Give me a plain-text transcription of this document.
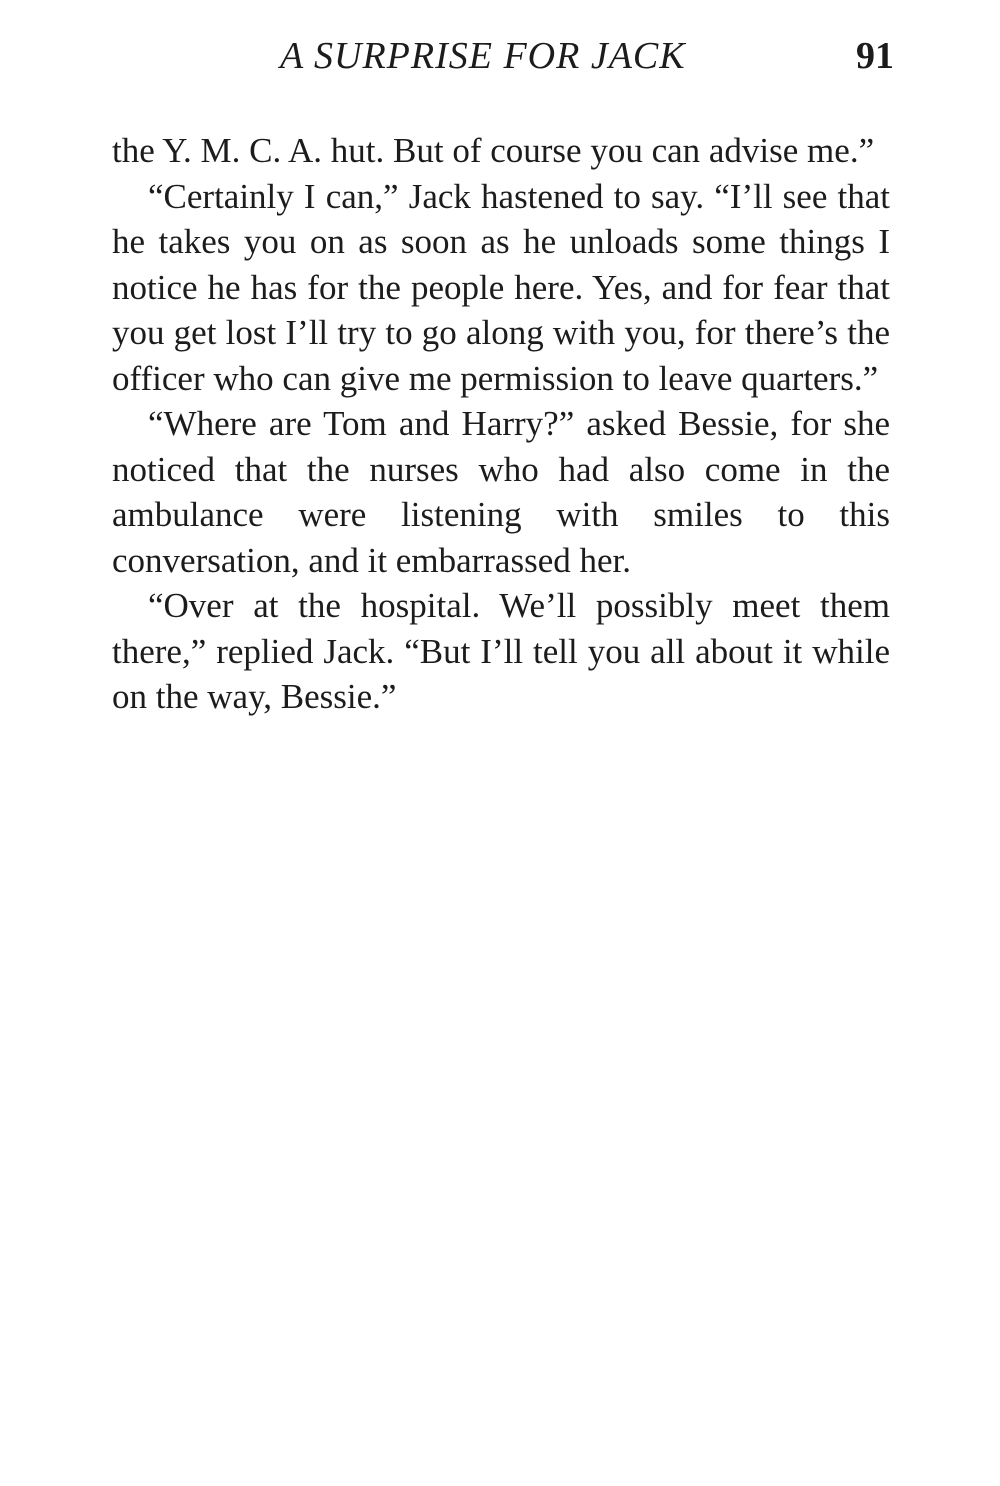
A SURPRISE FOR JACK	91

the Y. M. C. A. hut. But of course you can advise me.”

“Certainly I can,” Jack hastened to say. “I’ll see that he takes you on as soon as he unloads some things I notice he has for the people here. Yes, and for fear that you get lost I’ll try to go along with you, for there’s the officer who can give me permission to leave quarters.”

“Where are Tom and Harry?” asked Bessie, for she noticed that the nurses who had also come in the ambulance were listening with smiles to this conversation, and it embarrassed her.

“Over at the hospital. We’ll possibly meet them there,” replied Jack. “But I’ll tell you all about it while on the way, Bessie.”
